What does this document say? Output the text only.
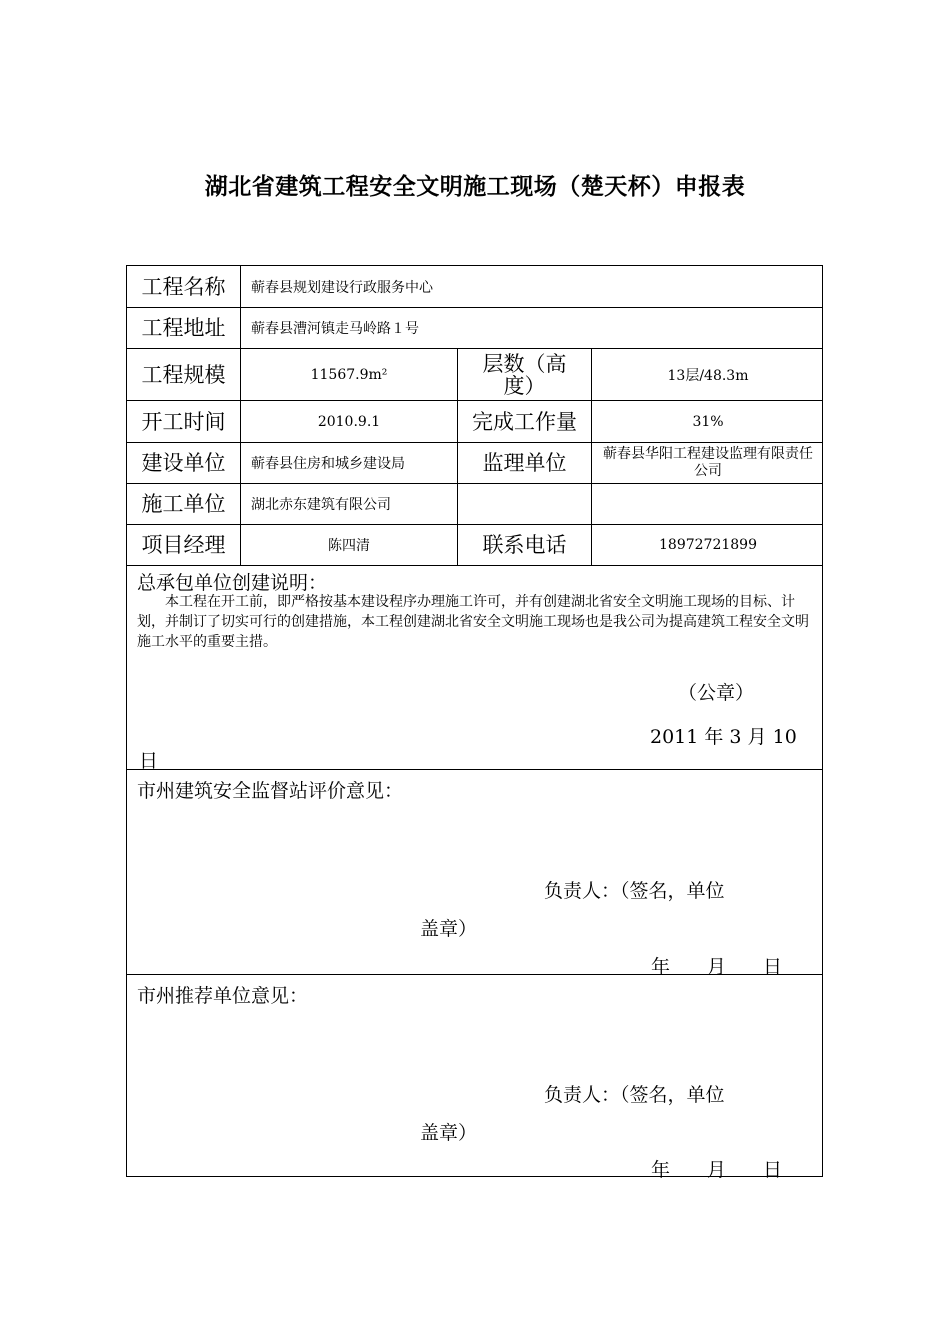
湖北省建筑工程安全文明施工现场（楚天杯）申报表
工程名称	蕲春县规划建设行政服务中心
工程地址	蕲春县漕河镇走马岭路１号
工程规模	11567.9m²	层数（高度）	13层/48.3m
开工时间	2010.9.1	完成工作量	31%
建设单位	蕲春县住房和城乡建设局	监理单位	蕲春县华阳工程建设监理有限责任公司
施工单位	湖北赤东建筑有限公司
项目经理	陈四清	联系电话	18972721899
总承包单位创建说明：
本工程在开工前，即严格按基本建设程序办理施工许可，并有创建湖北省安全文明施工现场的目标、计划，并制订了切实可行的创建措施，本工程创建湖北省安全文明施工现场也是我公司为提高建筑工程安全文明施工水平的重要主措。
（公章）
2011 年 3 月 10
日
市州建筑安全监督站评价意见：
负责人：（签名，单位
盖章）
年 月 日
市州推荐单位意见：
负责人：（签名，单位
盖章）
年 月 日
